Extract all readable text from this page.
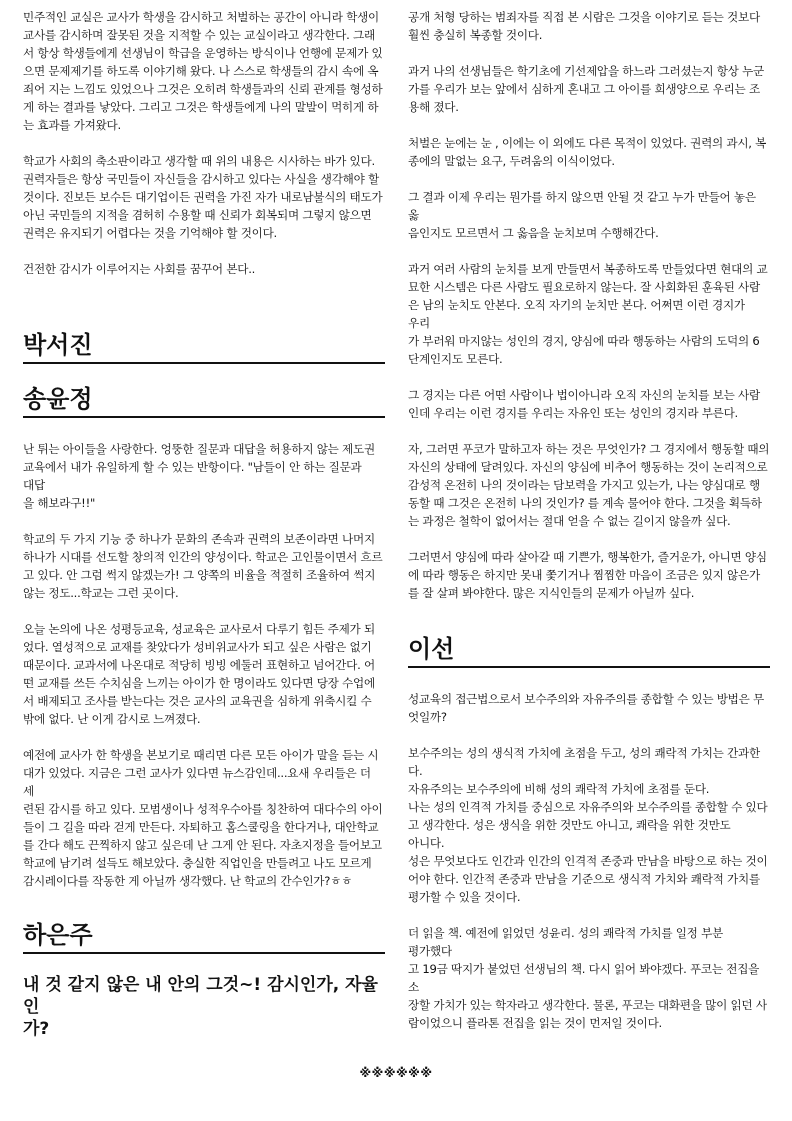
민주적인 교실은 교사가 학생을 감시하고 처벌하는 공간이 아니라 학생이
교사를 감시하며 잘못된 것을 지적할 수 있는 교실이라고 생각한다. 그래
서 항상 학생들에게 선생님이 학급을 운영하는 방식이나 언행에 문제가 있
으면 문제제기를 하도록 이야기해 왔다. 나 스스로 학생들의 감시 속에 옥
죄어 지는 느낌도 있었으나 그것은 오히려 학생들과의 신뢰 관계를 형성하
게 하는 결과를 낳았다. 그리고 그것은 학생들에게 나의 말발이 먹히게 하
는 효과를 가져왔다.

학교가 사회의 축소판이라고 생각할 때 위의 내용은 시사하는 바가 있다.
권력자들은 항상 국민들이 자신들을 감시하고 있다는 사실을 생각해야 할
것이다. 진보든 보수든 대기업이든 권력을 가진 자가 내로남불식의 태도가
아닌 국민들의 지적을 겸허히 수용할 때 신뢰가 회복되며 그렇지 않으면
권력은 유지되기 어렵다는 것을 기억해야 할 것이다.

건전한 감시가 이루어지는 사회를 꿈꾸어 본다..

박서진
송윤정

난 튀는 아이들을 사랑한다. 엉뚱한 질문과 대답을 허용하지 않는 제도권
교육에서 내가 유일하게 할 수 있는 반항이다. "남들이 안 하는 질문과 대답
을 해보라구!!"

학교의 두 가지 기능 중 하나가 문화의 존속과 권력의 보존이라면 나머지
하나가 시대를 선도할 창의적 인간의 양성이다. 학교은 고인물이면서 흐르
고 있다. 안 그럼 썩지 않겠는가! 그 양쪽의 비율을 적절히 조율하여 썩지
않는 정도...학교는 그런 곳이다.

오늘 논의에 나온 성평등교육, 성교육은 교사로서 다루기 힘든 주제가 되
었다. 열성적으로 교재를 찾았다가 성비위교사가 되고 싶은 사람은 없기
때문이다. 교과서에 나온대로 적당히 빙빙 에둘러 표현하고 넘어간다. 어
떤 교재를 쓰든 수치심을 느끼는 아이가 한 명이라도 있다면 당장 수업에
서 배제되고 조사를 받는다는 것은 교사의 교육권을 심하게 위축시킬 수
밖에 없다. 난 이게 감시로 느껴졌다.

예전에 교사가 한 학생을 본보기로 때리면 다른 모든 아이가 말을 듣는 시
대가 있었다. 지금은 그런 교사가 있다면 뉴스감인데...요새 우리들은 더 세
련된 감시를 하고 있다. 모범생이나 성적우수아를 칭찬하여 대다수의 아이
들이 그 길을 따라 걷게 만든다. 자퇴하고 홈스쿨링을 한다거나, 대안학교
를 간다 해도 끈찍하지 않고 싶은데 난 그게 안 된다. 자초지정을 들어보고
학교에 남기려 설득도 해보았다. 충실한 직업인을 만들려고 나도 모르게
감시레이다를 작동한 게 아닐까 생각했다. 난 학교의 간수인가?ㅎㅎ

하은주
내 것 같지 않은 내 안의 그것~! 감시인가, 자율인
가?

공개 처형 당하는 범죄자를 직접 본 시람은 그것을 이야기로 듣는 것보다
훨씬 충실히 복종할 것이다.

과거 나의 선생님들은 학기초에 기선제압을 하느라 그러셨는지 항상 누군
가를 우리가 보는 앞에서 심하게 혼내고 그 아이를 희생양으로 우리는 조
용해 졌다.

처벌은 눈에는 눈 , 이에는 이 외에도 다른 목적이 있었다. 권력의 과시, 복
종에의 말없는 요구, 두려움의 이식이었다.

그 결과 이제 우리는 뭔가를 하지 않으면 안될 것 같고 누가 만들어 놓은 옳
음인지도 모르면서 그 옳음을 눈치보며 수행해간다.

과거 여러 사람의 눈치를 보게 만들면서 복종하도록 만들었다면 현대의 교
묘한 시스템은 다른 사람도 필요로하지 않는다. 잘 사회화된 훈육된 사람
은 남의 눈치도 안본다. 오직 자기의 눈치만 본다. 어쩌면 이런 경지가 우리
가 부러워 마지않는 성인의 경지, 양심에 따라 행동하는 사람의 도덕의 6
단계인지도 모른다.

그 경지는 다른 어떤 사람이나 법이아니라 오직 자신의 눈치를 보는 사람
인데 우리는 이런 경지를 우리는 자유인 또는 성인의 경지라 부른다.

자, 그러면 푸코가 말하고자 하는 것은 무엇인가? 그 경지에서 행동할 때의
자신의 상태에 달려있다. 자신의 양심에 비추어 행동하는 것이 논리적으로
감성적 온전히 나의 것이라는 담보력을 가지고 있는가, 나는 양심대로 행
동할 때 그것은 온전히 나의 것인가? 를 계속 물어야 한다. 그것을 획득하
는 과정은 철학이 없어서는 절대 얻을 수 없는 길이지 않을까 싶다.

그러면서 양심에 따라 살아갈 때 기쁜가, 행복한가, 즐거운가, 아니면 양심
에 따라 행동은 하지만 못내 쫓기거나 찜찜한 마음이 조금은 있지 않은가
를 잘 살펴 봐야한다. 많은 지식인들의 문제가 아닐까 싶다.

이선

성교육의 접근법으로서 보수주의와 자유주의를 종합할 수 있는 방법은 무
엇일까?

보수주의는 성의 생식적 가치에 초점을 두고, 성의 쾌락적 가치는 간과한
다.
자유주의는 보수주의에 비해 성의 쾌락적 가치에 초점를 둔다.
나는 성의 인격적 가치를 중심으로 자유주의와 보수주의를 종합할 수 있다
고 생각한다. 성은 생식을 위한 것만도 아니고, 쾌락을 위한 것만도 아니다.
성은 무엇보다도 인간과 인간의 인격적 존중과 만남을 바탕으로 하는 것이
어야 한다. 인간적 존중과 만남을 기준으로 생식적 가치와 쾌락적 가치를
평가할 수 있을 것이다.

더 읽을 책. 예전에 읽었던 성윤리. 성의 쾌락적 가치를 일정 부분 평가했다
고 19금 딱지가 붙었던 선생님의 책. 다시 읽어 봐야겠다. 푸코는 전집을 소
장할 가치가 있는 학자라고 생각한다. 물론, 푸코는 대화편을 많이 읽던 사
람이었으니 플라톤 전집을 읽는 것이 먼저일 것이다.

※※※※※※
